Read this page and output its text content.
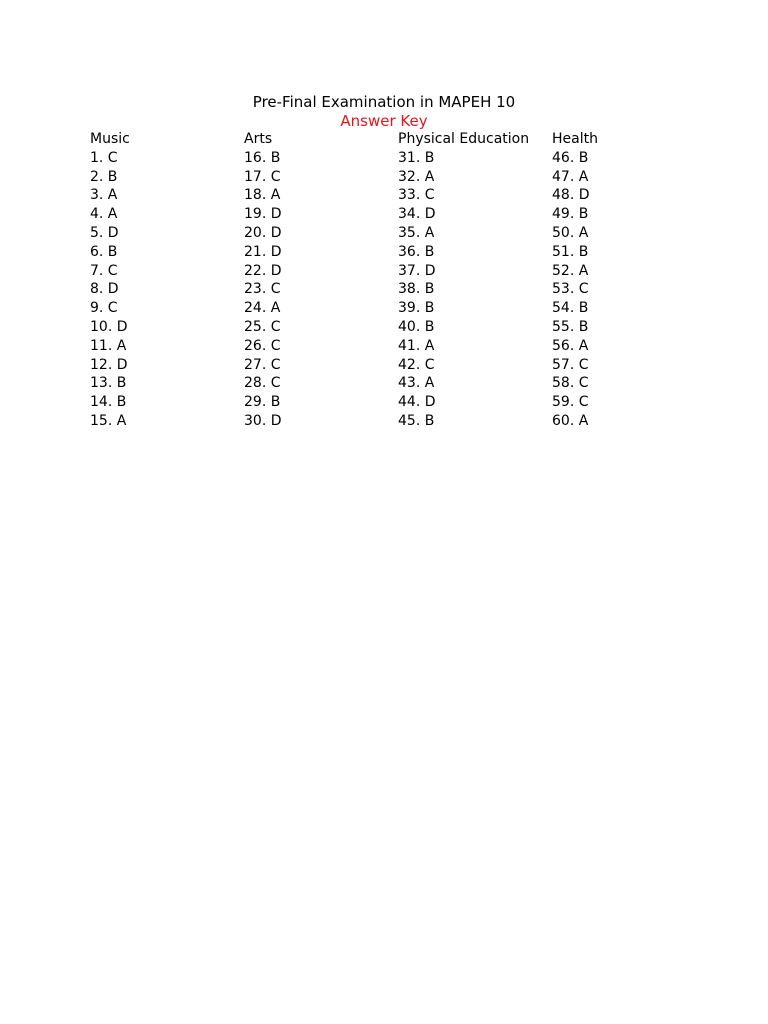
Pre-Final Examination in MAPEH 10
Answer Key
Music
1. C
2. B
3. A
4. A
5. D
6. B
7. C
8. D
9. C
10. D
11. A
12. D
13. B
14. B
15. A
Arts
16. B
17. C
18. A
19. D
20. D
21. D
22. D
23. C
24. A
25. C
26. C
27. C
28. C
29. B
30. D
Physical Education
31. B
32. A
33. C
34. D
35. A
36. B
37. D
38. B
39. B
40. B
41. A
42. C
43. A
44. D
45. B
Health
46. B
47. A
48. D
49. B
50. A
51. B
52. A
53. C
54. B
55. B
56. A
57. C
58. C
59. C
60. A
